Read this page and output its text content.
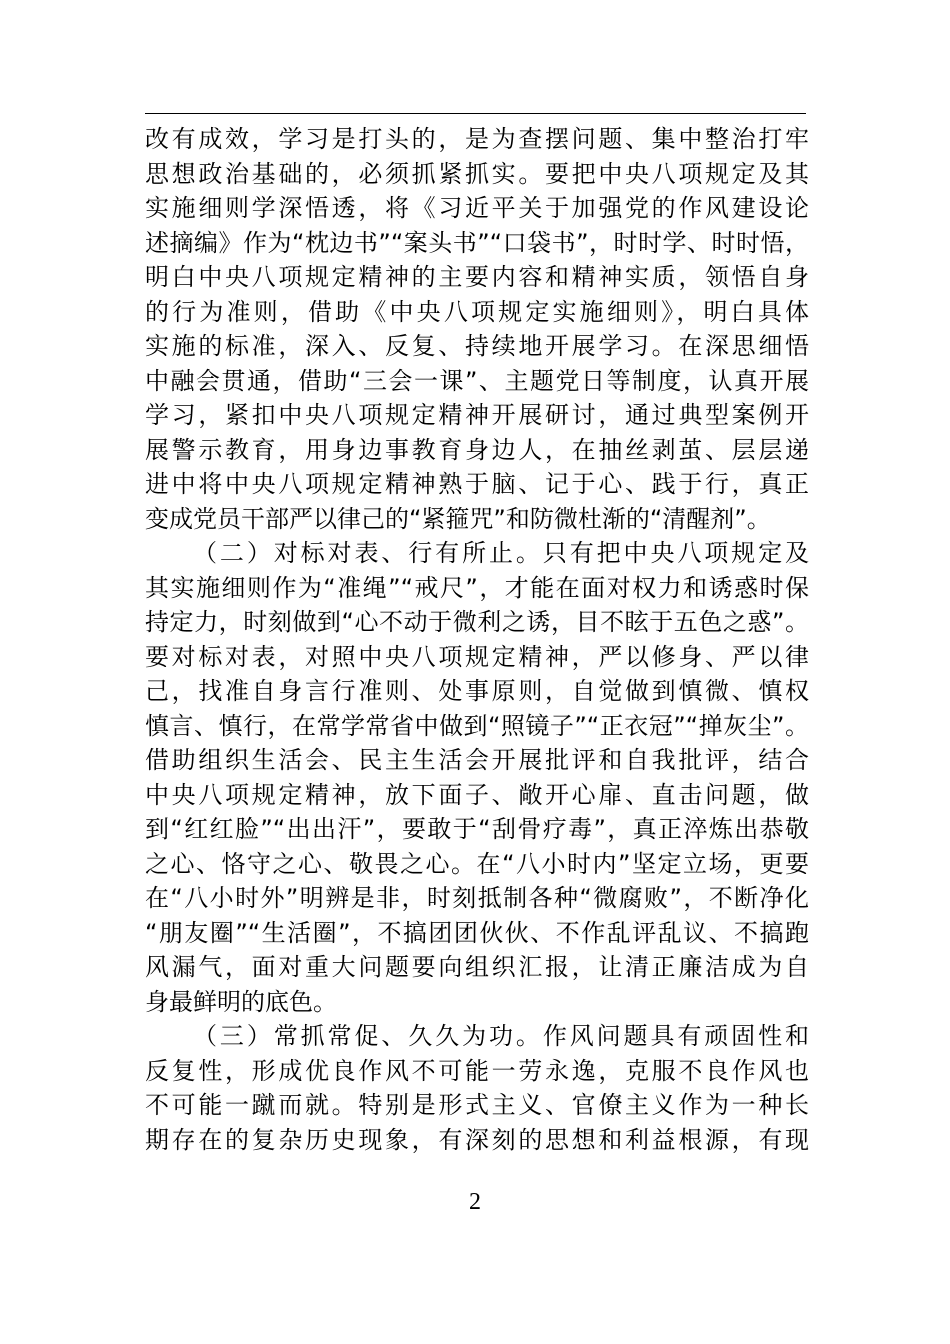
改有成效，学习是打头的，是为查摆问题、集中整治打牢
思想政治基础的，必须抓紧抓实。要把中央八项规定及其
实施细则学深悟透，将《习近平关于加强党的作风建设论
述摘编》作为“枕边书”“案头书”“口袋书”，时时学、时时悟，
明白中央八项规定精神的主要内容和精神实质，领悟自身
的行为准则，借助《中央八项规定实施细则》，明白具体
实施的标准，深入、反复、持续地开展学习。在深思细悟
中融会贯通，借助“三会一课”、主题党日等制度，认真开展
学习，紧扣中央八项规定精神开展研讨，通过典型案例开
展警示教育，用身边事教育身边人，在抽丝剥茧、层层递
进中将中央八项规定精神熟于脑、记于心、践于行，真正
变成党员干部严以律己的“紧箍咒”和防微杜渐的“清醒剂”。
（二）对标对表、行有所止。只有把中央八项规定及
其实施细则作为“准绳”“戒尺”，才能在面对权力和诱惑时保
持定力，时刻做到“心不动于微利之诱，目不眩于五色之惑”。
要对标对表，对照中央八项规定精神，严以修身、严以律
己，找准自身言行准则、处事原则，自觉做到慎微、慎权
慎言、慎行，在常学常省中做到“照镜子”“正衣冠”“掸灰尘”。
借助组织生活会、民主生活会开展批评和自我批评，结合
中央八项规定精神，放下面子、敞开心扉、直击问题，做
到“红红脸”“出出汗”，要敢于“刮骨疗毒”，真正淬炼出恭敬
之心、恪守之心、敬畏之心。在“八小时内”坚定立场，更要
在“八小时外”明辨是非，时刻抵制各种“微腐败”，不断净化
“朋友圈”“生活圈”，不搞团团伙伙、不作乱评乱议、不搞跑
风漏气，面对重大问题要向组织汇报，让清正廉洁成为自
身最鲜明的底色。
（三）常抓常促、久久为功。作风问题具有顽固性和
反复性，形成优良作风不可能一劳永逸，克服不良作风也
不可能一蹴而就。特别是形式主义、官僚主义作为一种长
期存在的复杂历史现象，有深刻的思想和利益根源，有现
2
